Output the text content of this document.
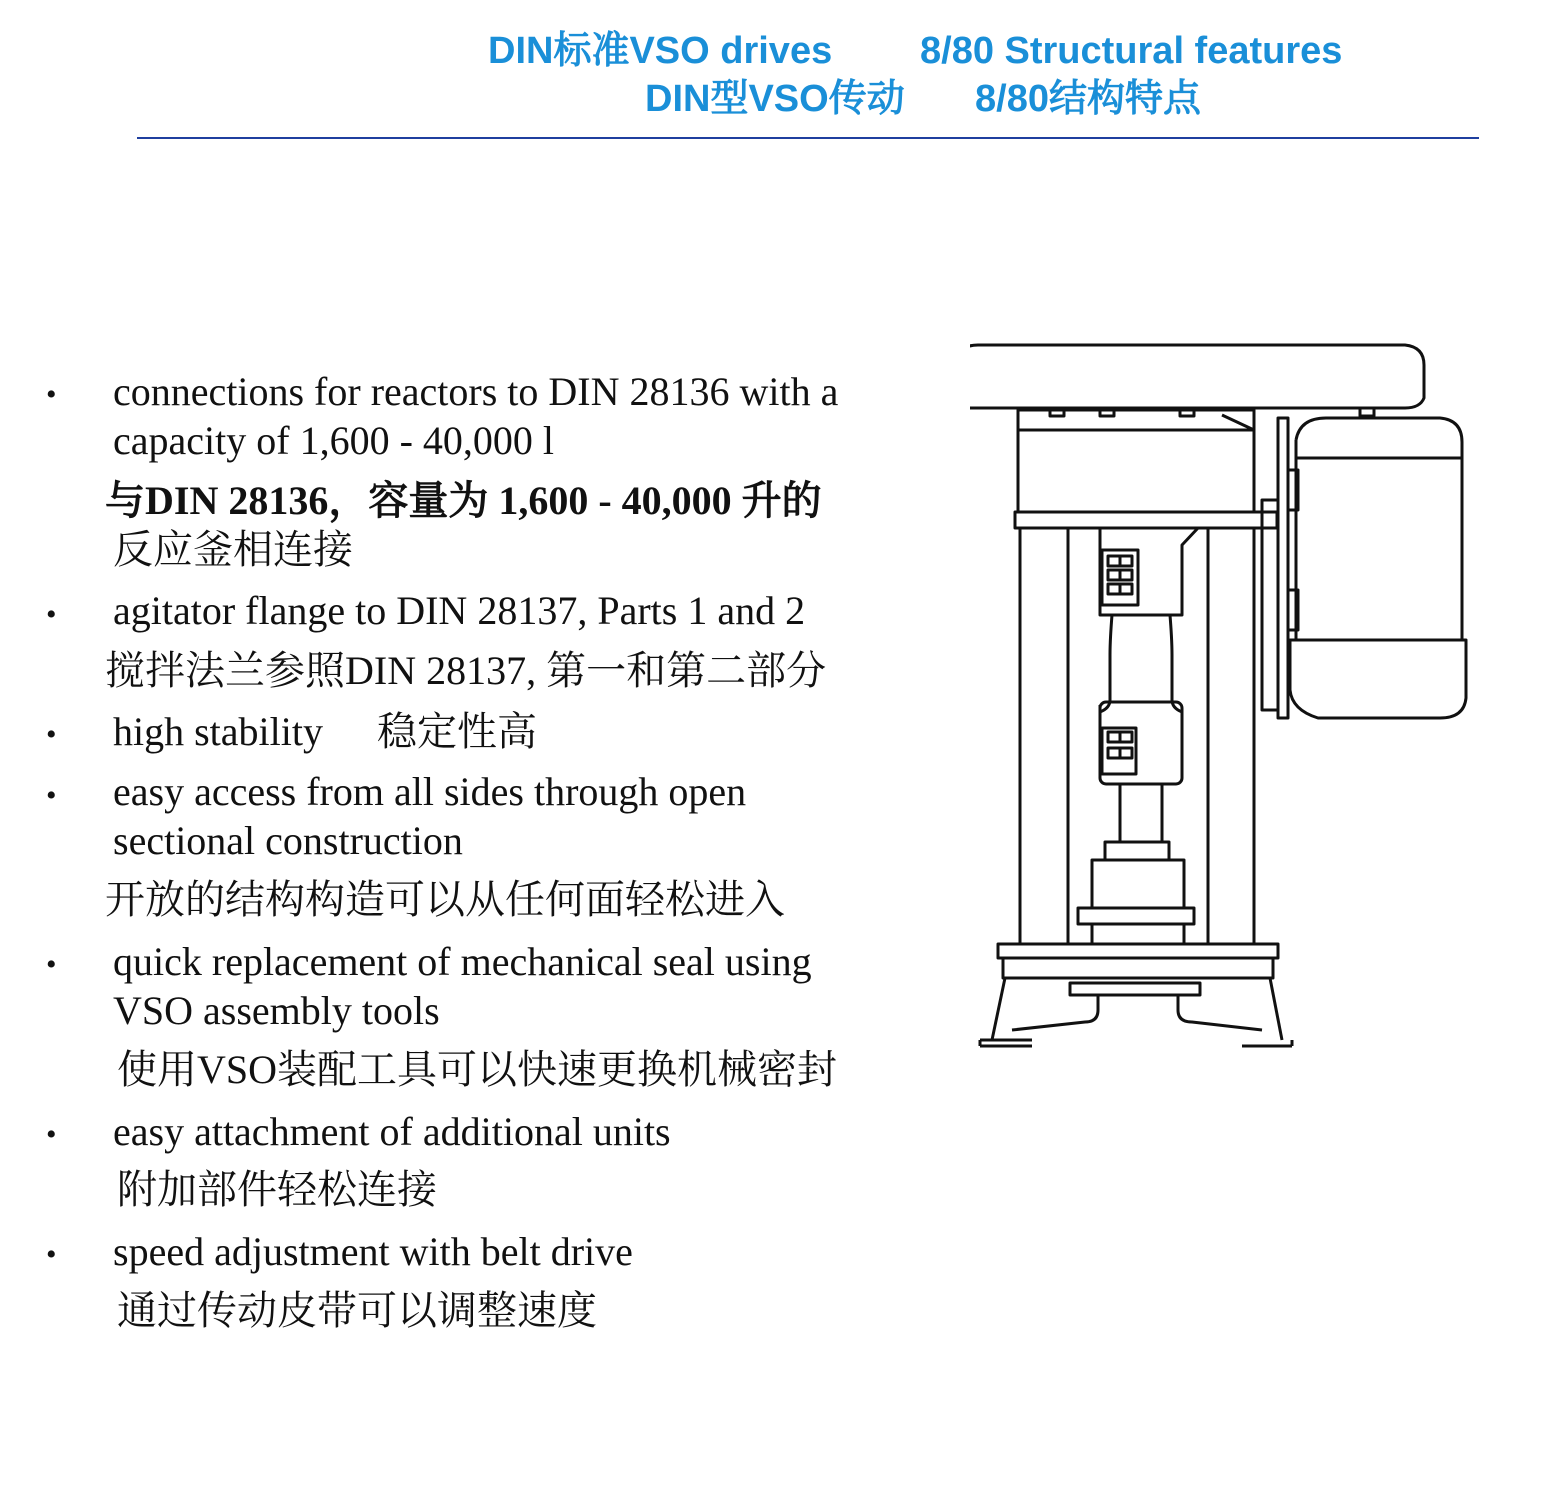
DIN标准VSO drives 8/80 Structural features
DIN型VSO传动 8/80结构特点
• connections for reactors to DIN 28136 with a
capacity of 1,600 - 40,000 l
与DIN 28136，容量为 1,600 - 40,000 升的
反应釜相连接
• agitator flange to DIN 28137, Parts 1 and 2
搅拌法兰参照DIN 28137, 第一和第二部分
• high stability 稳定性高
• easy access from all sides through open
sectional construction
开放的结构构造可以从任何面轻松进入
• quick replacement of mechanical seal using
VSO assembly tools
使用VSO装配工具可以快速更换机械密封
• easy attachment of additional units
附加部件轻松连接
• speed adjustment with belt drive
通过传动皮带可以调整速度
